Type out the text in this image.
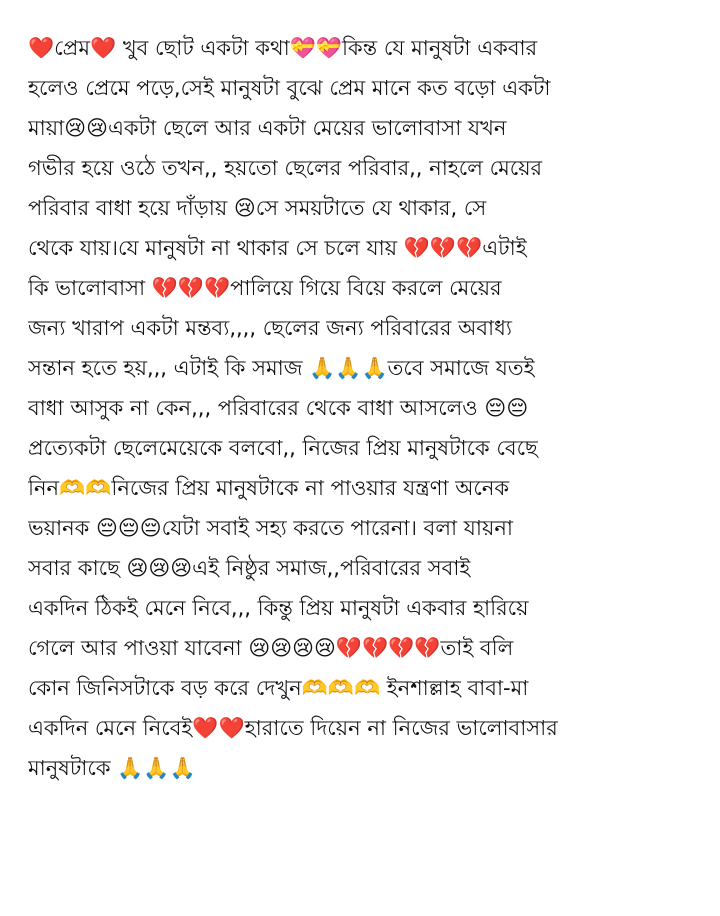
❤️প্রেম❤️ খুব ছোট একটা কথা💝💝কিন্ত যে মানুষটা একবার
হলেও প্রেমে পড়ে,সেই মানুষটা বুঝে প্রেম মানে কত বড়ো একটা
মায়া😢😢একটা ছেলে আর একটা মেয়ের ভালোবাসা যখন
গভীর হয়ে ওঠে তখন,, হয়তো ছেলের পরিবার,, নাহলে মেয়ের
পরিবার বাধা হয়ে দাঁড়ায় 😢সে সময়টাতে যে থাকার, সে
থেকে যায়।যে মানুষটা না থাকার সে চলে যায় 💔💔💔এটাই
কি ভালোবাসা 💔💔💔পালিয়ে গিয়ে বিয়ে করলে মেয়ের
জন্য খারাপ একটা মন্তব্য,,,, ছেলের জন্য পরিবারের অবাধ্য
সন্তান হতে হয়,,, এটাই কি সমাজ 🙏🙏🙏তবে সমাজে যতই
বাধা আসুক না কেন,,, পরিবারের থেকে বাধা আসলেও 😔😔
প্রত্যেকটা ছেলেমেয়েকে বলবো,, নিজের প্রিয় মানুষটাকে বেছে
নিন🫶🫶নিজের প্রিয় মানুষটাকে না পাওয়ার যন্ত্রণা অনেক
ভয়ানক 😔😔😔যেটা সবাই সহ্য করতে পারেনা। বলা যায়না
সবার কাছে 😢😢😢এই নিষ্ঠুর সমাজ,,পরিবারের সবাই
একদিন ঠিকই মেনে নিবে,,, কিন্তু প্রিয় মানুষটা একবার হারিয়ে
গেলে আর পাওয়া যাবেনা 😢😢😢😢💔💔💔💔তাই বলি
কোন জিনিসটাকে বড় করে দেখুন🫶🫶🫶 ইনশাল্লাহ বাবা-মা
একদিন মেনে নিবেই❤️❤️হারাতে দিয়েন না নিজের ভালোবাসার
মানুষটাকে 🙏🙏🙏
